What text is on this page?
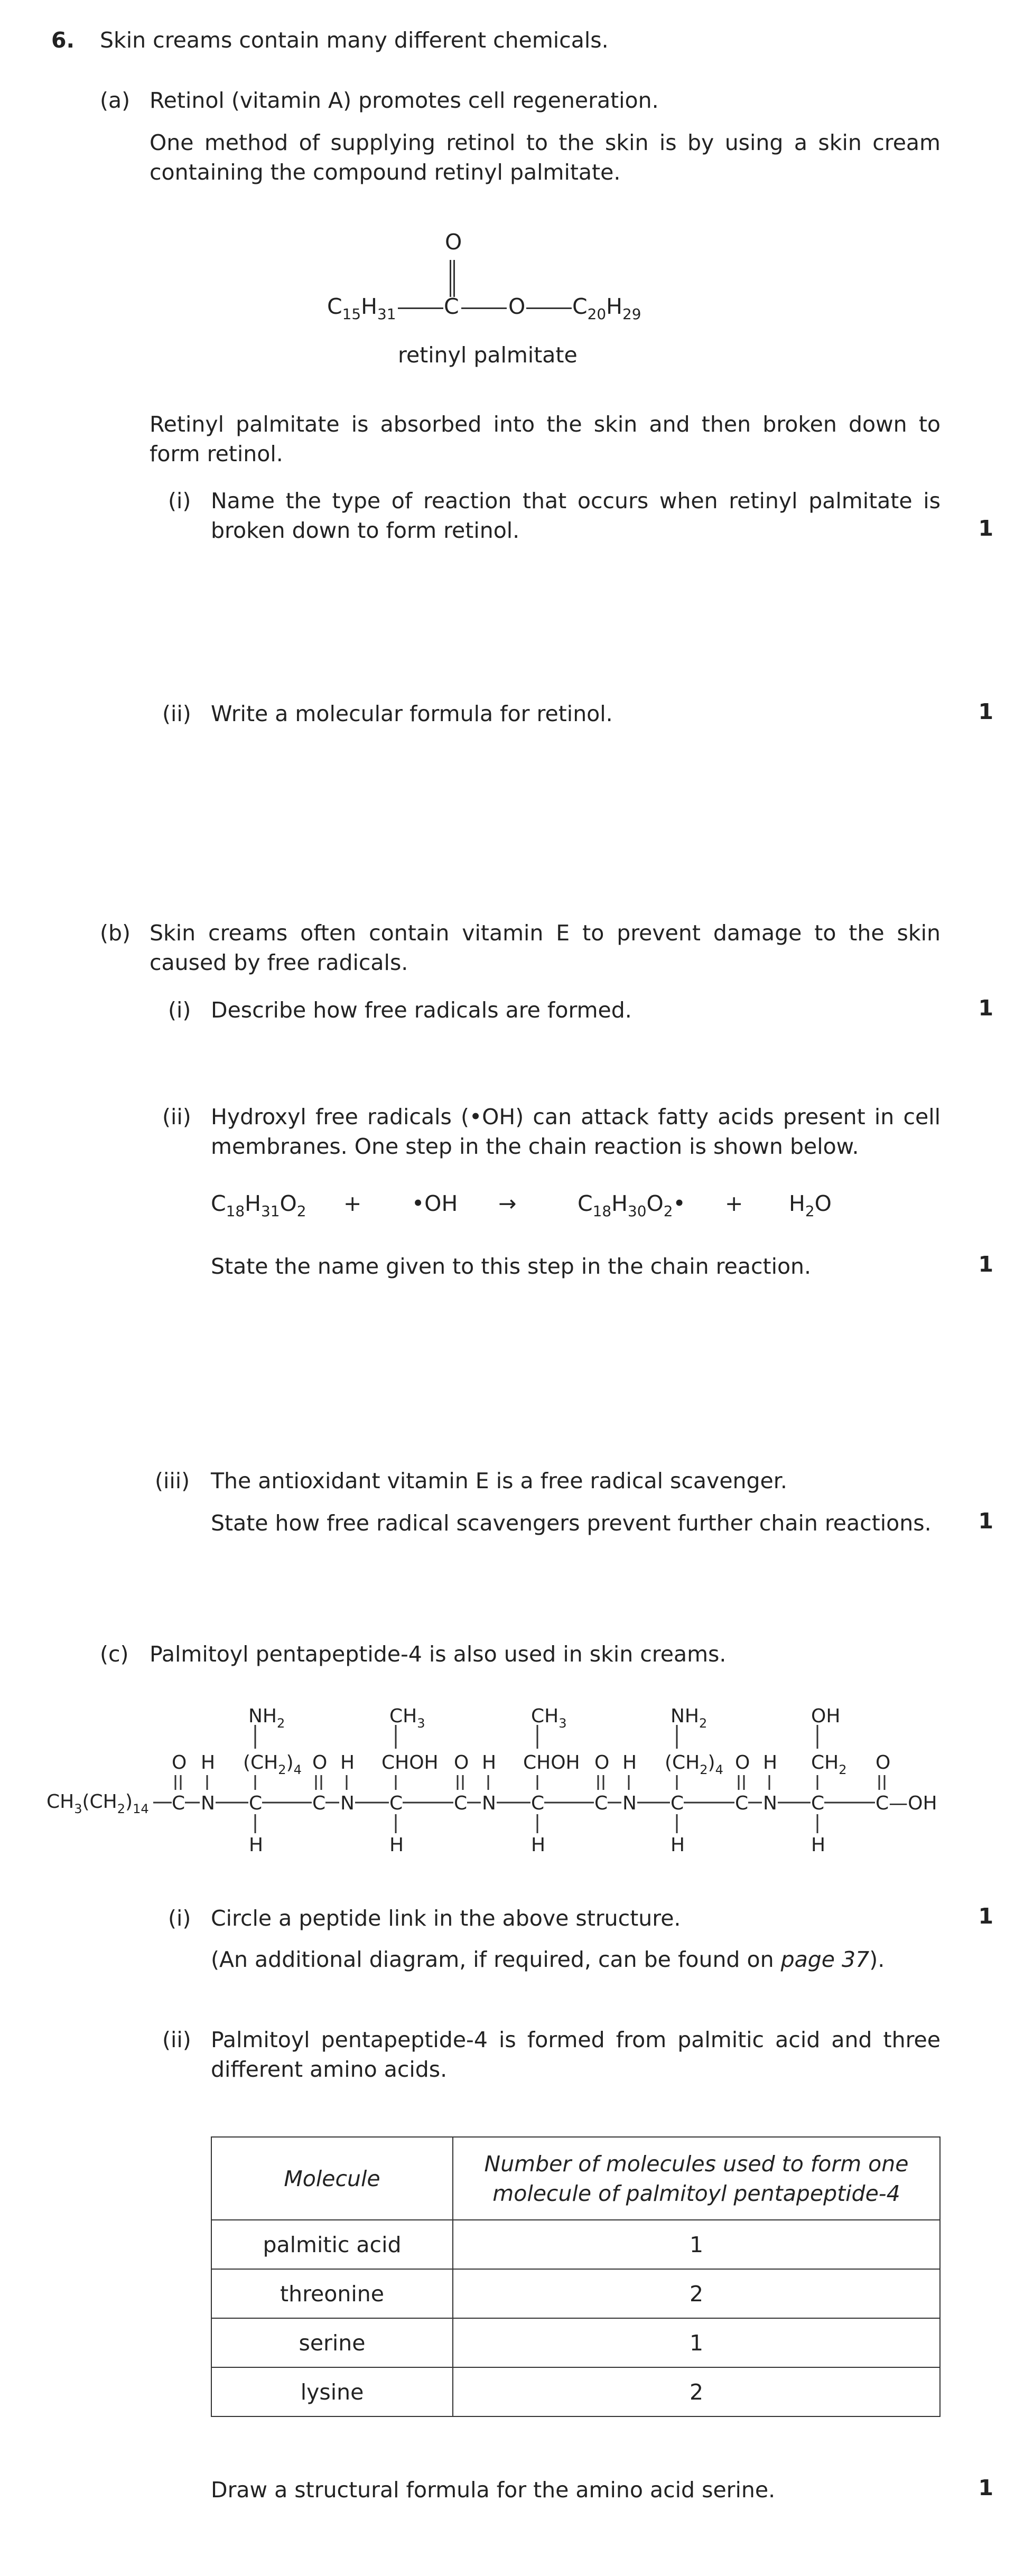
6. Skin creams contain many different chemicals.
(a) Retinol (vitamin A) promotes cell regeneration.
One method of supplying retinol to the skin is by using a skin cream containing the compound retinyl palmitate.
O
$C_{15}H_{31}$ C O $C_{20}H_{29}$
retinyl palmitate
Retinyl palmitate is absorbed into the skin and then broken down to form retinol.
(i) Name the type of reaction that occurs when retinyl palmitate is broken down to form retinol.	1
(ii) Write a molecular formula for retinol.	1
(b) Skin creams often contain vitamin E to prevent damage to the skin caused by free radicals.
(i) Describe how free radicals are formed.	1
(ii) Hydroxyl free radicals (•OH) can attack fatty acids present in cell membranes. One step in the chain reaction is shown below.
$C_{18}H_{31}O_2$ + •OH →	$C_{18}H_{30}O_2• + H_2O$
State the name given to this step in the chain reaction.	1
(iii) The antioxidant vitamin E is a free radical scavenger.
State how free radical scavengers prevent further chain reactions. 1
(c) Palmitoyl pentapeptide-4 is also used in skin creams.
$CH_3(CH_2)_{14}$
O	O	O	O	O	O
C N C	C N C	C N C	C N C	C N C	C—OH
H	H	H	H	H
H	H	H	H	H
$NH_2$
$(CH_2)_4$
$CH_3$
CHOH
$CH_3$
CHOH
$NH_2$
$(CH_2)_4$
OH
$CH_2$
(i) Circle a peptide link in the above structure.	1
(An additional diagram, if required, can be found on page 37).
(ii) Palmitoyl pentapeptide-4 is formed from palmitic acid and three different amino acids.
Molecule	Number of molecules used to form one molecule of palmitoyl pentapeptide-4

palmitic acid	1
threonine	2
serine	1
lysine	2
Draw a structural formula for the amino acid serine.	1
